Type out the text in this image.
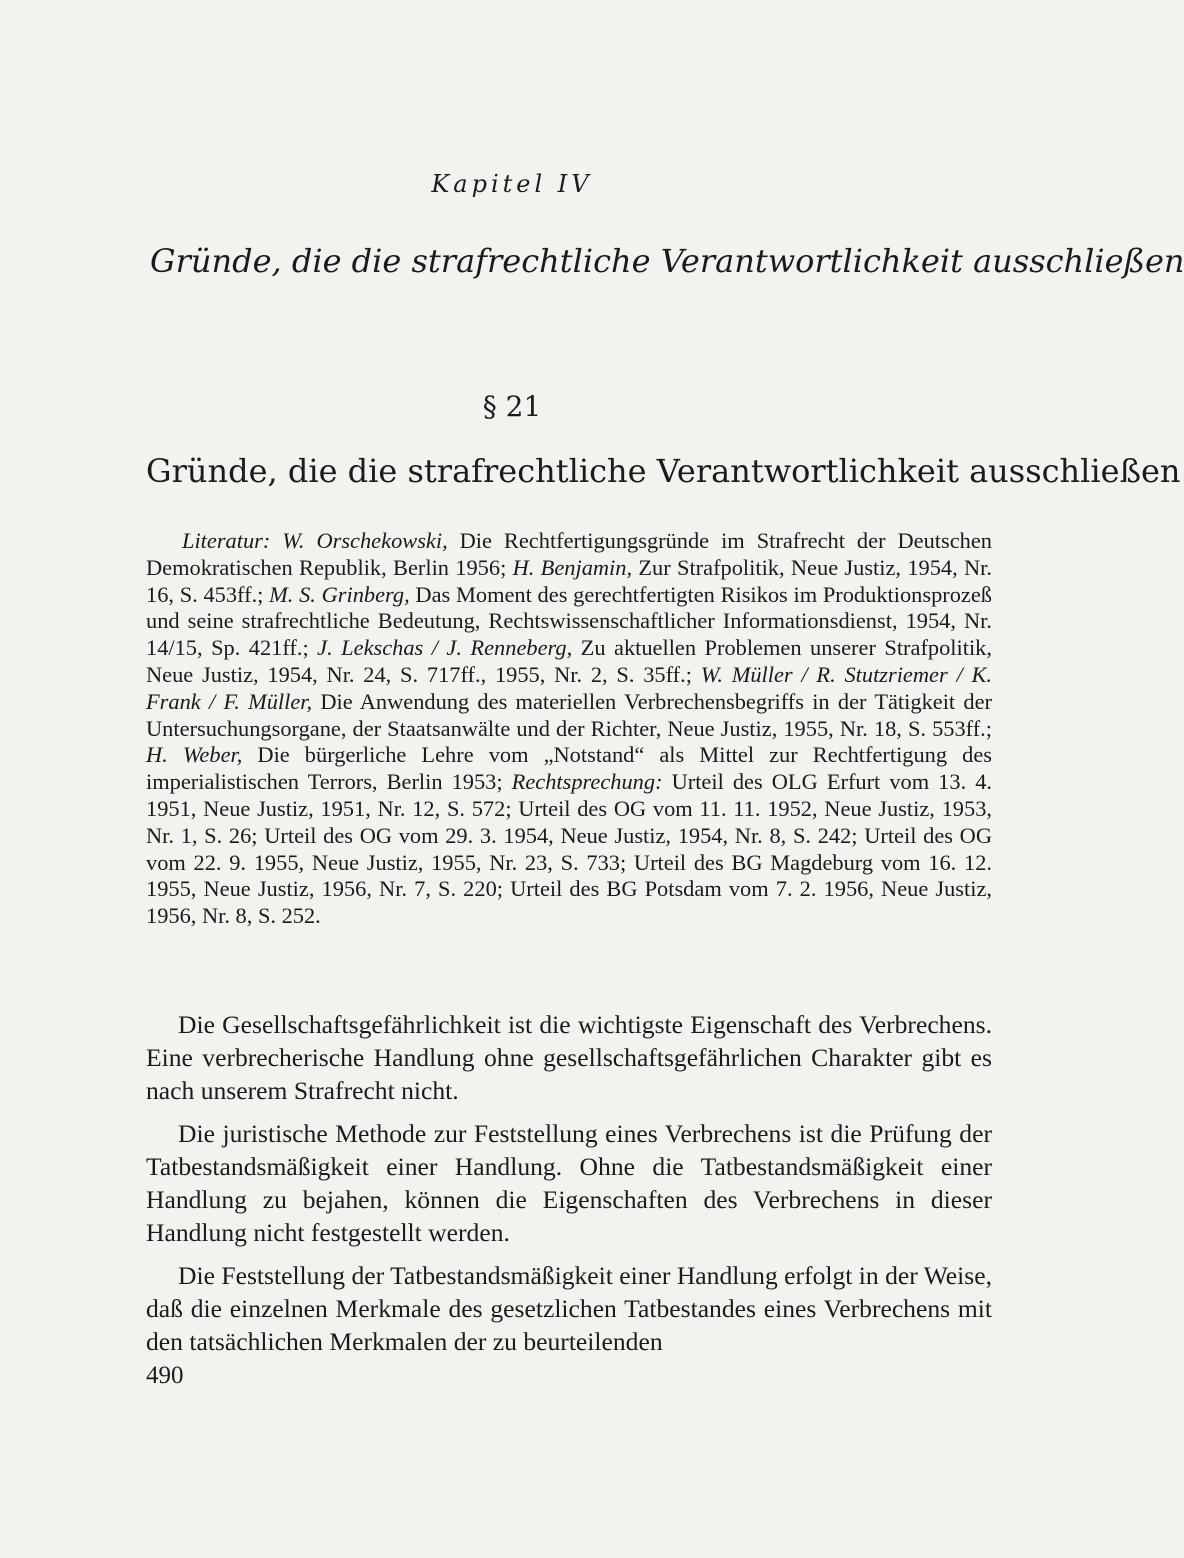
Kapitel IV
Gründe, die die strafrechtliche Verantwortlichkeit ausschließen
§ 21
Gründe, die die strafrechtliche Verantwortlichkeit ausschließen
Literatur: W. Orschekowski, Die Rechtfertigungsgründe im Strafrecht der Deutschen Demokratischen Republik, Berlin 1956; H. Benjamin, Zur Strafpolitik, Neue Justiz, 1954, Nr. 16, S. 453ff.; M. S. Grinberg, Das Moment des gerechtfertigten Risikos im Produktionsprozeß und seine strafrechtliche Bedeutung, Rechtswissenschaftlicher Informationsdienst, 1954, Nr. 14/15, Sp. 421ff.; J. Lekschas / J. Renneberg, Zu aktuellen Problemen unserer Strafpolitik, Neue Justiz, 1954, Nr. 24, S. 717ff., 1955, Nr. 2, S. 35ff.; W. Müller / R. Stutzriemer / K. Frank / F. Müller, Die Anwendung des materiellen Verbrechensbegriffs in der Tätigkeit der Untersuchungsorgane, der Staatsanwälte und der Richter, Neue Justiz, 1955, Nr. 18, S. 553ff.; H. Weber, Die bürgerliche Lehre vom „Notstand“ als Mittel zur Rechtfertigung des imperialistischen Terrors, Berlin 1953; Rechtsprechung: Urteil des OLG Erfurt vom 13. 4. 1951, Neue Justiz, 1951, Nr. 12, S. 572; Urteil des OG vom 11. 11. 1952, Neue Justiz, 1953, Nr. 1, S. 26; Urteil des OG vom 29. 3. 1954, Neue Justiz, 1954, Nr. 8, S. 242; Urteil des OG vom 22. 9. 1955, Neue Justiz, 1955, Nr. 23, S. 733; Urteil des BG Magdeburg vom 16. 12. 1955, Neue Justiz, 1956, Nr. 7, S. 220; Urteil des BG Potsdam vom 7. 2. 1956, Neue Justiz, 1956, Nr. 8, S. 252.

Die Gesellschaftsgefährlichkeit ist die wichtigste Eigenschaft des Verbrechens. Eine verbrecherische Handlung ohne gesellschaftsgefährlichen Charakter gibt es nach unserem Strafrecht nicht.

Die juristische Methode zur Feststellung eines Verbrechens ist die Prüfung der Tatbestandsmäßigkeit einer Handlung. Ohne die Tatbestandsmäßigkeit einer Handlung zu bejahen, können die Eigenschaften des Verbrechens in dieser Handlung nicht festgestellt werden.

Die Feststellung der Tatbestandsmäßigkeit einer Handlung erfolgt in der Weise, daß die einzelnen Merkmale des gesetzlichen Tatbestandes eines Verbrechens mit den tatsächlichen Merkmalen der zu beurteilenden

490
